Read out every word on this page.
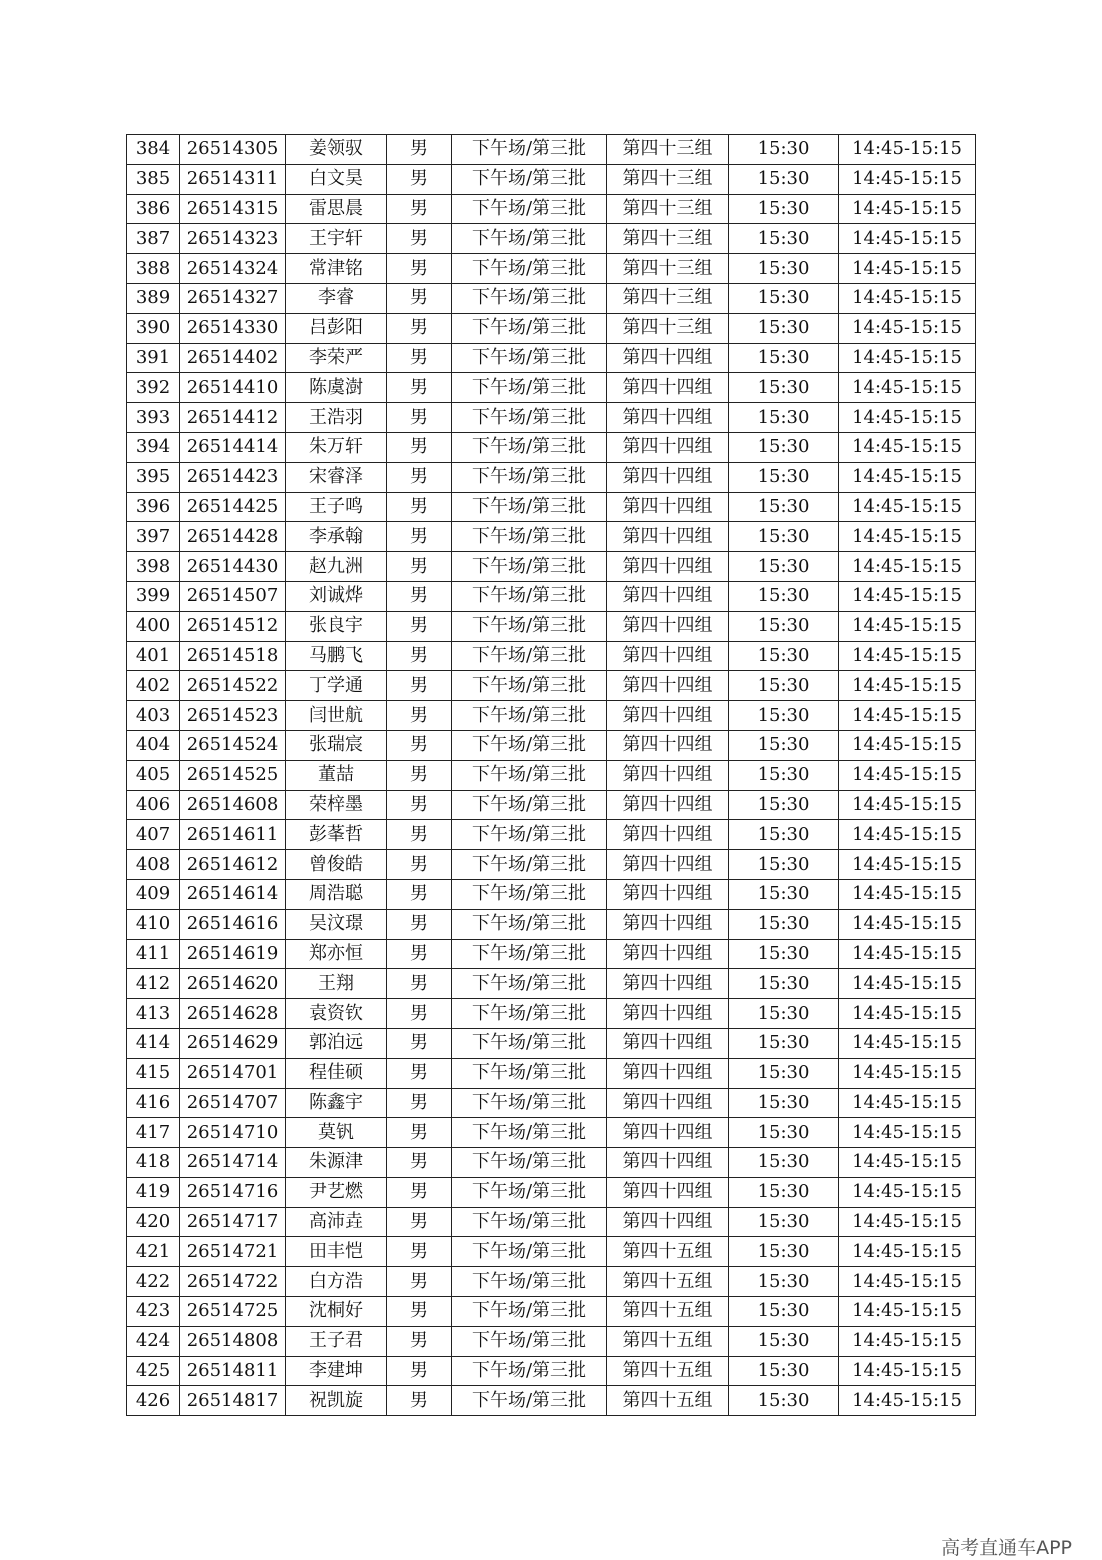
384	26514305	姜领驭	男	下午场/第三批	第四十三组	15:30	14:45-15:15
385	26514311	白文昊	男	下午场/第三批	第四十三组	15:30	14:45-15:15
386	26514315	雷思晨	男	下午场/第三批	第四十三组	15:30	14:45-15:15
387	26514323	王宇轩	男	下午场/第三批	第四十三组	15:30	14:45-15:15
388	26514324	常津铭	男	下午场/第三批	第四十三组	15:30	14:45-15:15
389	26514327	李睿	男	下午场/第三批	第四十三组	15:30	14:45-15:15
390	26514330	吕彭阳	男	下午场/第三批	第四十三组	15:30	14:45-15:15
391	26514402	李荣严	男	下午场/第三批	第四十四组	15:30	14:45-15:15
392	26514410	陈虞澍	男	下午场/第三批	第四十四组	15:30	14:45-15:15
393	26514412	王浩羽	男	下午场/第三批	第四十四组	15:30	14:45-15:15
394	26514414	朱万轩	男	下午场/第三批	第四十四组	15:30	14:45-15:15
395	26514423	宋睿泽	男	下午场/第三批	第四十四组	15:30	14:45-15:15
396	26514425	王子鸣	男	下午场/第三批	第四十四组	15:30	14:45-15:15
397	26514428	李承翰	男	下午场/第三批	第四十四组	15:30	14:45-15:15
398	26514430	赵九洲	男	下午场/第三批	第四十四组	15:30	14:45-15:15
399	26514507	刘诚烨	男	下午场/第三批	第四十四组	15:30	14:45-15:15
400	26514512	张良宇	男	下午场/第三批	第四十四组	15:30	14:45-15:15
401	26514518	马鹏飞	男	下午场/第三批	第四十四组	15:30	14:45-15:15
402	26514522	丁学通	男	下午场/第三批	第四十四组	15:30	14:45-15:15
403	26514523	闫世航	男	下午场/第三批	第四十四组	15:30	14:45-15:15
404	26514524	张瑞宸	男	下午场/第三批	第四十四组	15:30	14:45-15:15
405	26514525	董喆	男	下午场/第三批	第四十四组	15:30	14:45-15:15
406	26514608	荣梓墨	男	下午场/第三批	第四十四组	15:30	14:45-15:15
407	26514611	彭莑哲	男	下午场/第三批	第四十四组	15:30	14:45-15:15
408	26514612	曾俊皓	男	下午场/第三批	第四十四组	15:30	14:45-15:15
409	26514614	周浩聪	男	下午场/第三批	第四十四组	15:30	14:45-15:15
410	26514616	吴汶璟	男	下午场/第三批	第四十四组	15:30	14:45-15:15
411	26514619	郑亦恒	男	下午场/第三批	第四十四组	15:30	14:45-15:15
412	26514620	王翔	男	下午场/第三批	第四十四组	15:30	14:45-15:15
413	26514628	袁资钦	男	下午场/第三批	第四十四组	15:30	14:45-15:15
414	26514629	郭泊远	男	下午场/第三批	第四十四组	15:30	14:45-15:15
415	26514701	程佳硕	男	下午场/第三批	第四十四组	15:30	14:45-15:15
416	26514707	陈鑫宇	男	下午场/第三批	第四十四组	15:30	14:45-15:15
417	26514710	莫钒	男	下午场/第三批	第四十四组	15:30	14:45-15:15
418	26514714	朱源津	男	下午场/第三批	第四十四组	15:30	14:45-15:15
419	26514716	尹艺燃	男	下午场/第三批	第四十四组	15:30	14:45-15:15
420	26514717	高沛垚	男	下午场/第三批	第四十四组	15:30	14:45-15:15
421	26514721	田丰恺	男	下午场/第三批	第四十五组	15:30	14:45-15:15
422	26514722	白方浩	男	下午场/第三批	第四十五组	15:30	14:45-15:15
423	26514725	沈桐好	男	下午场/第三批	第四十五组	15:30	14:45-15:15
424	26514808	王子君	男	下午场/第三批	第四十五组	15:30	14:45-15:15
425	26514811	李建坤	男	下午场/第三批	第四十五组	15:30	14:45-15:15
426	26514817	祝凯旋	男	下午场/第三批	第四十五组	15:30	14:45-15:15
高考直通车APP
